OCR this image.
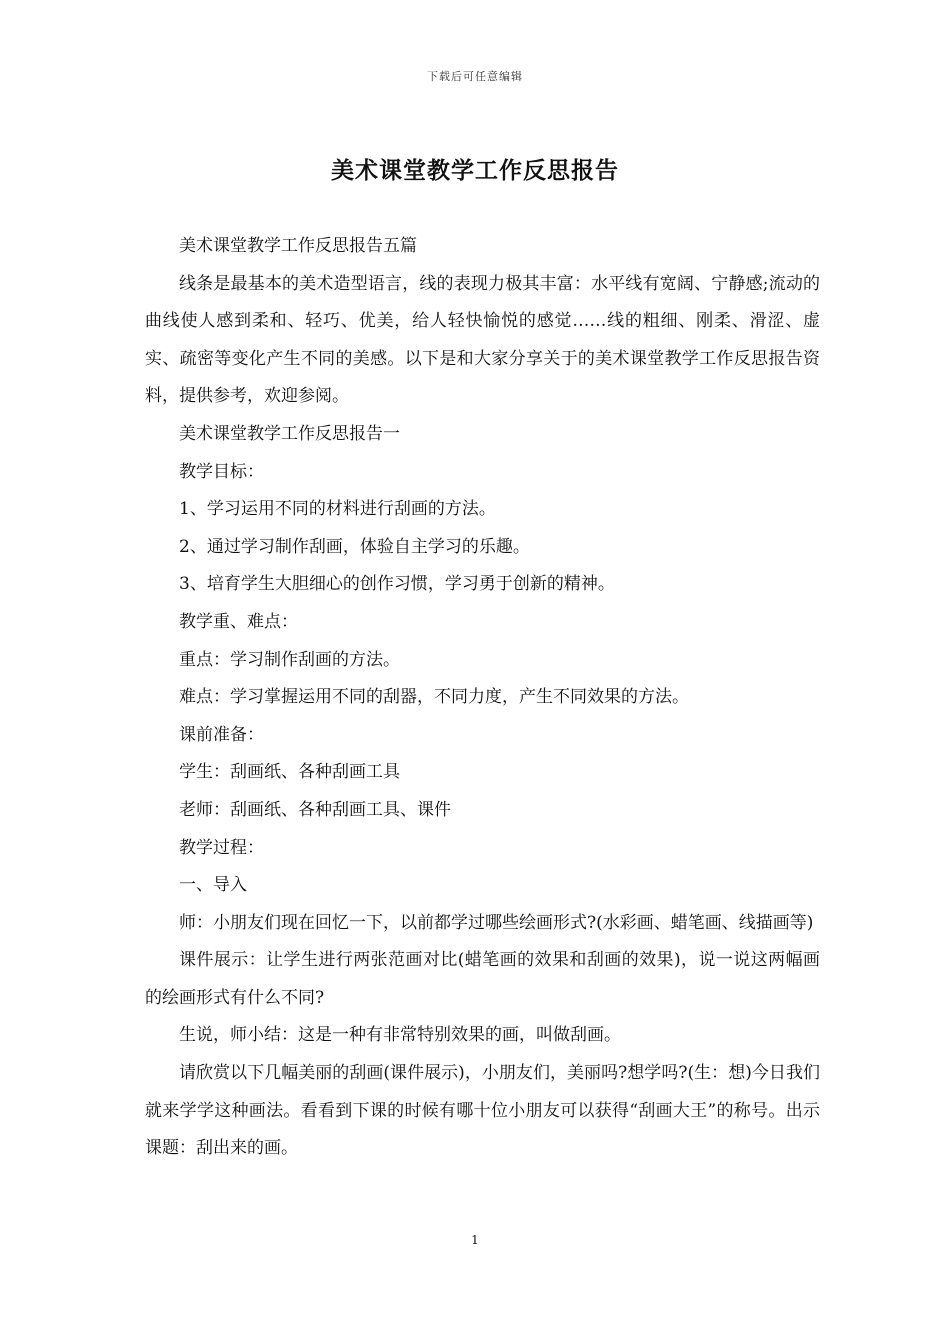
下载后可任意编辑
美术课堂教学工作反思报告

美术课堂教学工作反思报告五篇

线条是最基本的美术造型语言，线的表现力极其丰富：水平线有宽阔、宁静感;流动的曲线使人感到柔和、轻巧、优美，给人轻快愉悦的感觉……线的粗细、刚柔、滑涩、虚实、疏密等变化产生不同的美感。以下是和大家分享关于的美术课堂教学工作反思报告资料，提供参考，欢迎参阅。

美术课堂教学工作反思报告一

教学目标：

1、学习运用不同的材料进行刮画的方法。

2、通过学习制作刮画，体验自主学习的乐趣。

3、培育学生大胆细心的创作习惯，学习勇于创新的精神。

教学重、难点：

重点：学习制作刮画的方法。

难点：学习掌握运用不同的刮器，不同力度，产生不同效果的方法。

课前准备：

学生：刮画纸、各种刮画工具

老师：刮画纸、各种刮画工具、课件

教学过程：

一、导入

师：小朋友们现在回忆一下，以前都学过哪些绘画形式?(水彩画、蜡笔画、线描画等)

课件展示：让学生进行两张范画对比(蜡笔画的效果和刮画的效果)，说一说这两幅画的绘画形式有什么不同?

生说，师小结：这是一种有非常特别效果的画，叫做刮画。

请欣赏以下几幅美丽的刮画(课件展示)，小朋友们，美丽吗?想学吗?(生：想)今日我们就来学学这种画法。看看到下课的时候有哪十位小朋友可以获得“刮画大王”的称号。出示课题：刮出来的画。

1
